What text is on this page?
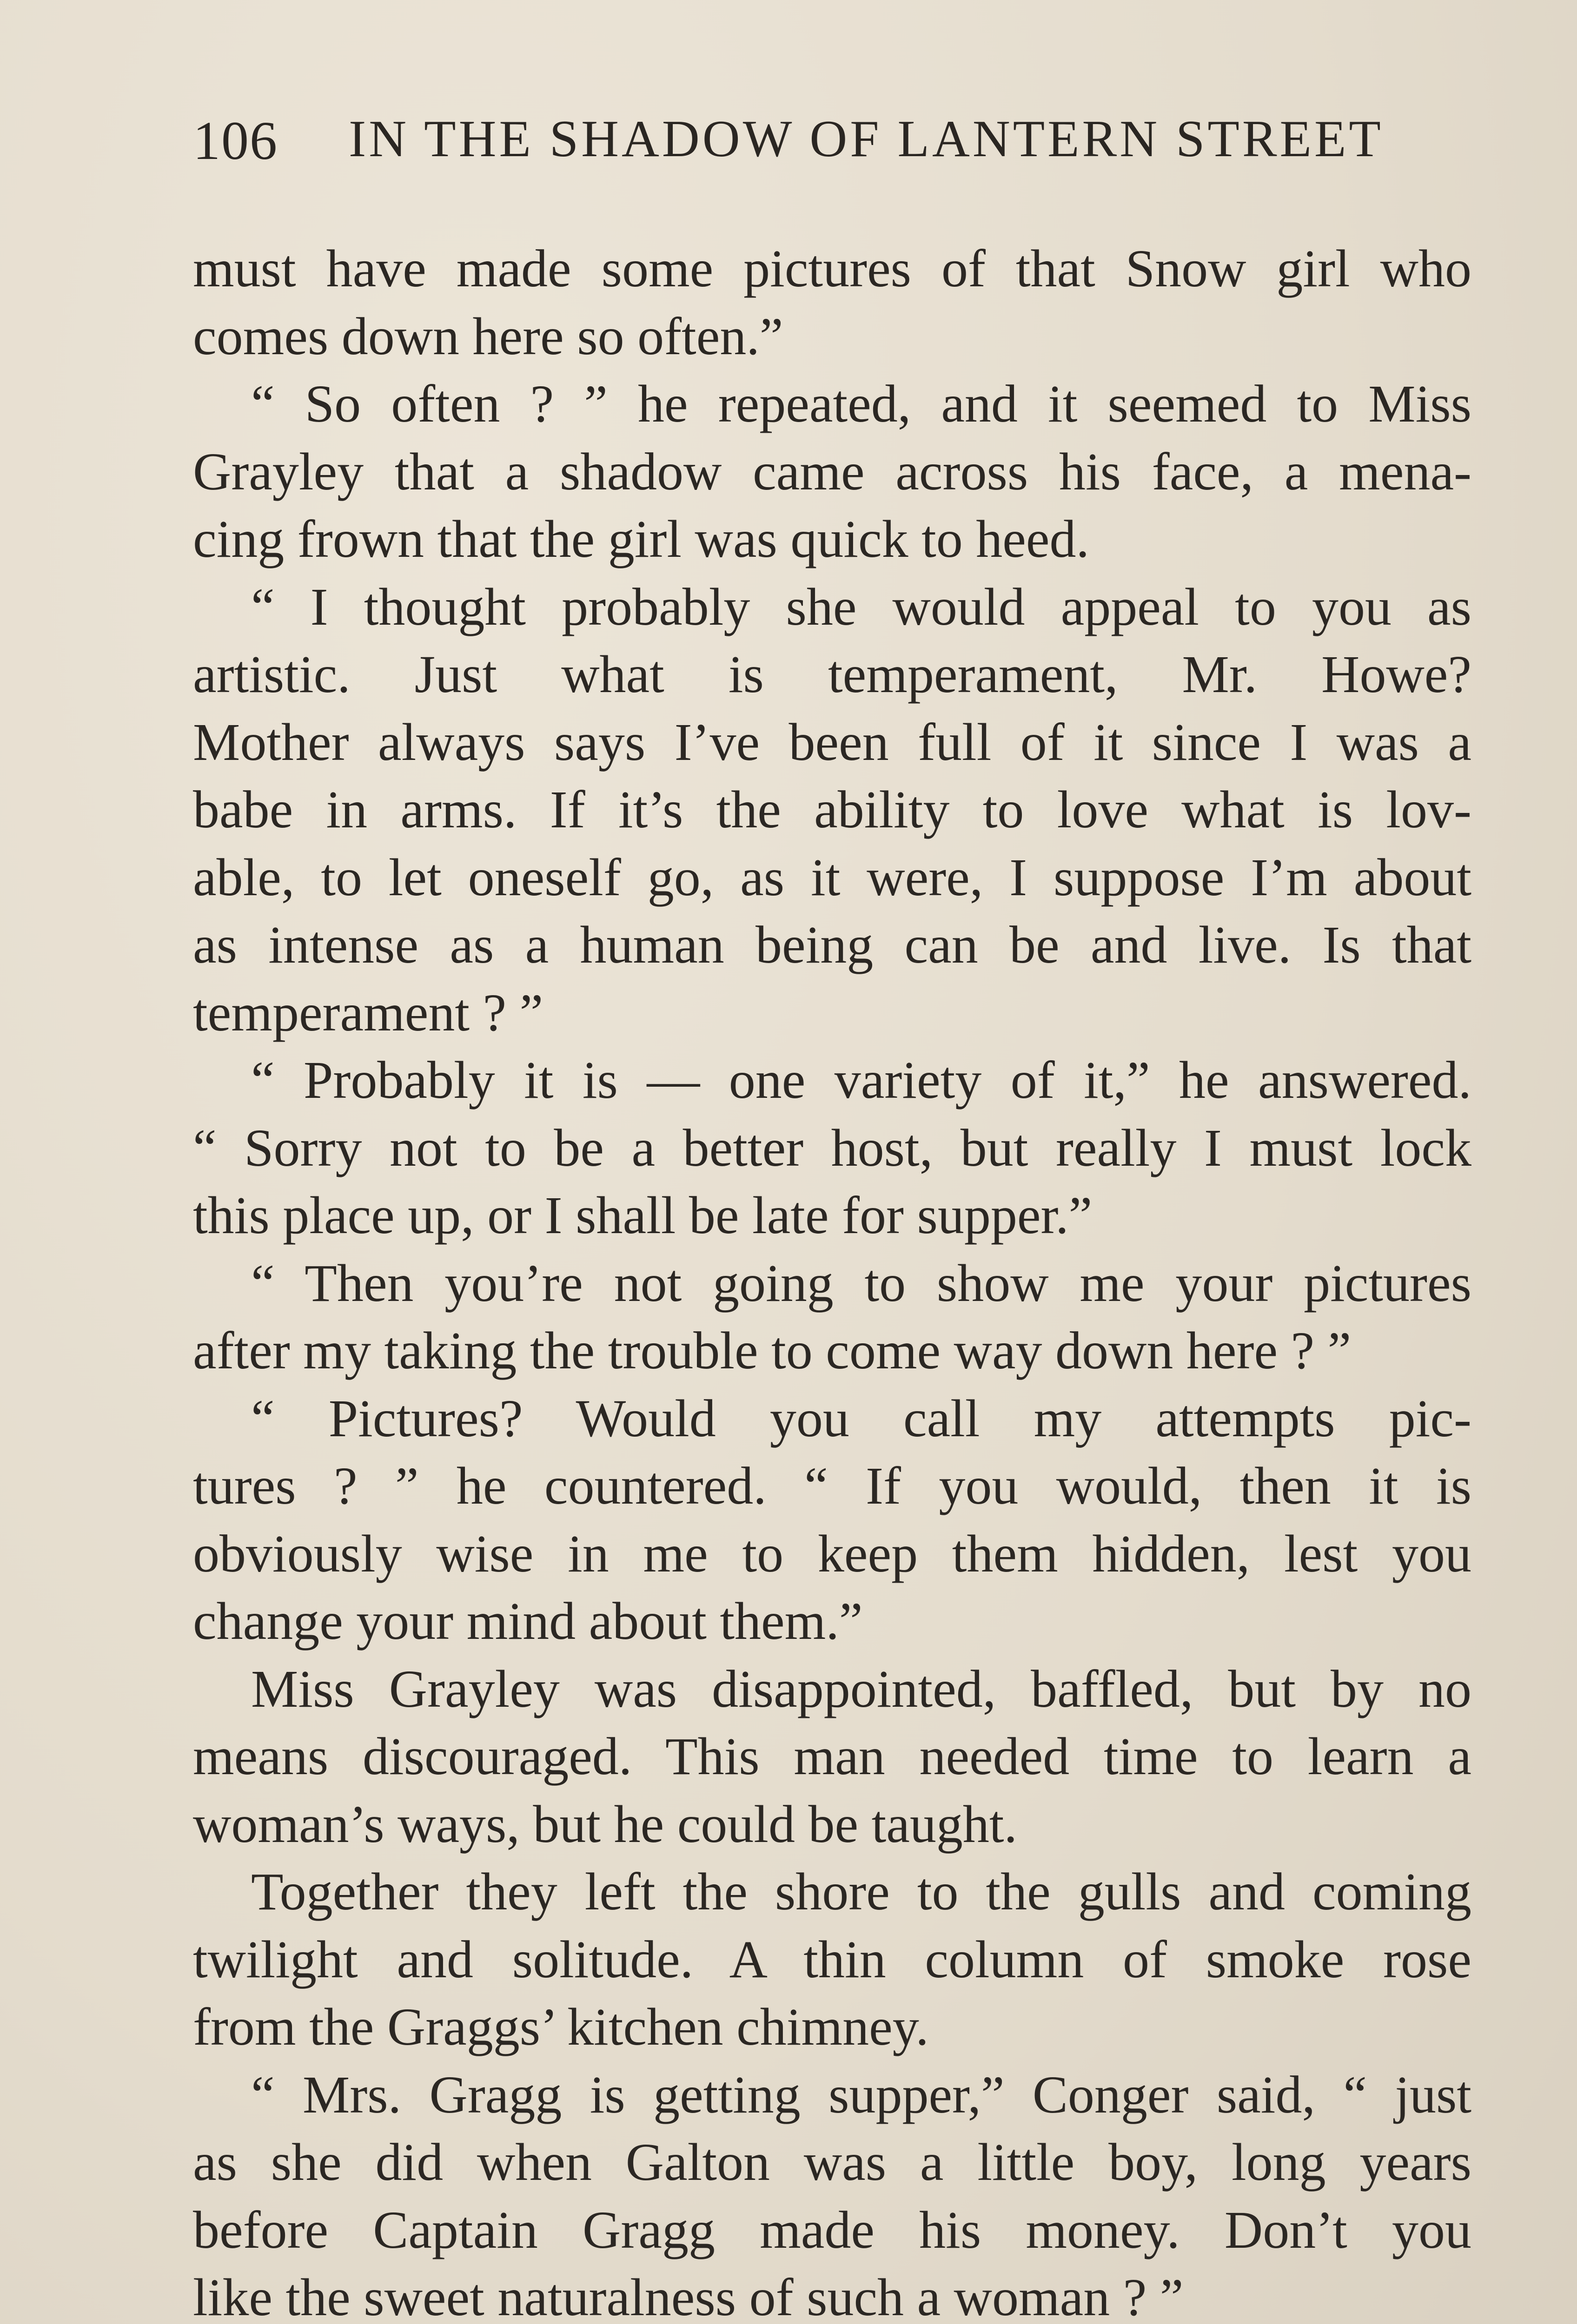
106 IN THE SHADOW OF LANTERN STREET
must have made some pictures of that Snow girl who
comes down here so often.”
“ So often ? ” he repeated, and it seemed to Miss
Grayley that a shadow came across his face, a mena-
cing frown that the girl was quick to heed.
“ I thought probably she would appeal to you as
artistic. Just what is temperament, Mr. Howe?
Mother always says I’ve been full of it since I was a
babe in arms. If it’s the ability to love what is lov-
able, to let oneself go, as it were, I suppose I’m about
as intense as a human being can be and live. Is that
temperament ? ”
“ Probably it is — one variety of it,” he answered.
“ Sorry not to be a better host, but really I must lock
this place up, or I shall be late for supper.”
“ Then you’re not going to show me your pictures
after my taking the trouble to come way down here ? ”
“ Pictures? Would you call my attempts pic-
tures ? ” he countered. “ If you would, then it is
obviously wise in me to keep them hidden, lest you
change your mind about them.”
Miss Grayley was disappointed, baffled, but by no
means discouraged. This man needed time to learn a
woman’s ways, but he could be taught.
Together they left the shore to the gulls and coming
twilight and solitude. A thin column of smoke rose
from the Graggs’ kitchen chimney.
“ Mrs. Gragg is getting supper,” Conger said, “ just
as she did when Galton was a little boy, long years
before Captain Gragg made his money. Don’t you
like the sweet naturalness of such a woman ? ”
